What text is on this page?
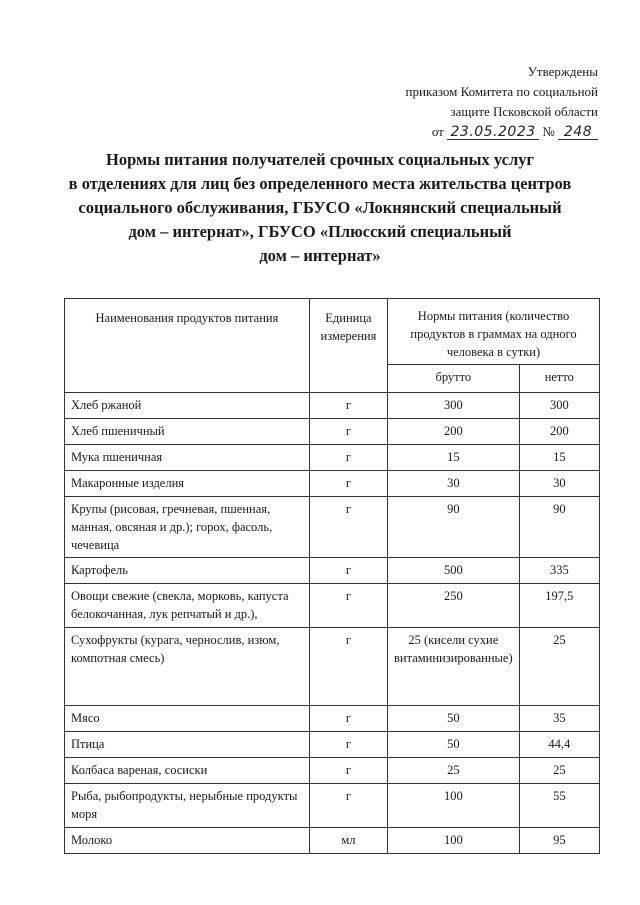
Утверждены
приказом Комитета по социальной
защите Псковской области
от 23.05.2023 № 248
Нормы питания получателей срочных социальных услуг
в отделениях для лиц без определенного места жительства центров
социального обслуживания, ГБУСО «Локнянский специальный
дом – интернат», ГБУСО «Плюсский специальный
дом – интернат»
Наименования продуктов питания	Единица измерения	Нормы питания (количество продуктов в граммах на одного человека в сутки)	
		брутто	нетто
Хлеб ржаной	г	300	300
Хлеб пшеничный	г	200	200
Мука пшеничная	г	15	15
Макаронные изделия	г	30	30
Крупы (рисовая, гречневая, пшенная, манная, овсяная и др.); горох, фасоль, чечевица	г	90	90
Картофель	г	500	335
Овощи свежие (свекла, морковь, капуста белокочанная, лук репчатый и др.),	г	250	197,5
Сухофрукты (курага, чернослив, изюм, компотная смесь)	г	25 (кисели сухие витаминизированные)	25
Мясо	г	50	35
Птица	г	50	44,4
Колбаса вареная, сосиски	г	25	25
Рыба, рыбопродукты, нерыбные продукты моря	г	100	55
Молоко	мл	100	95
